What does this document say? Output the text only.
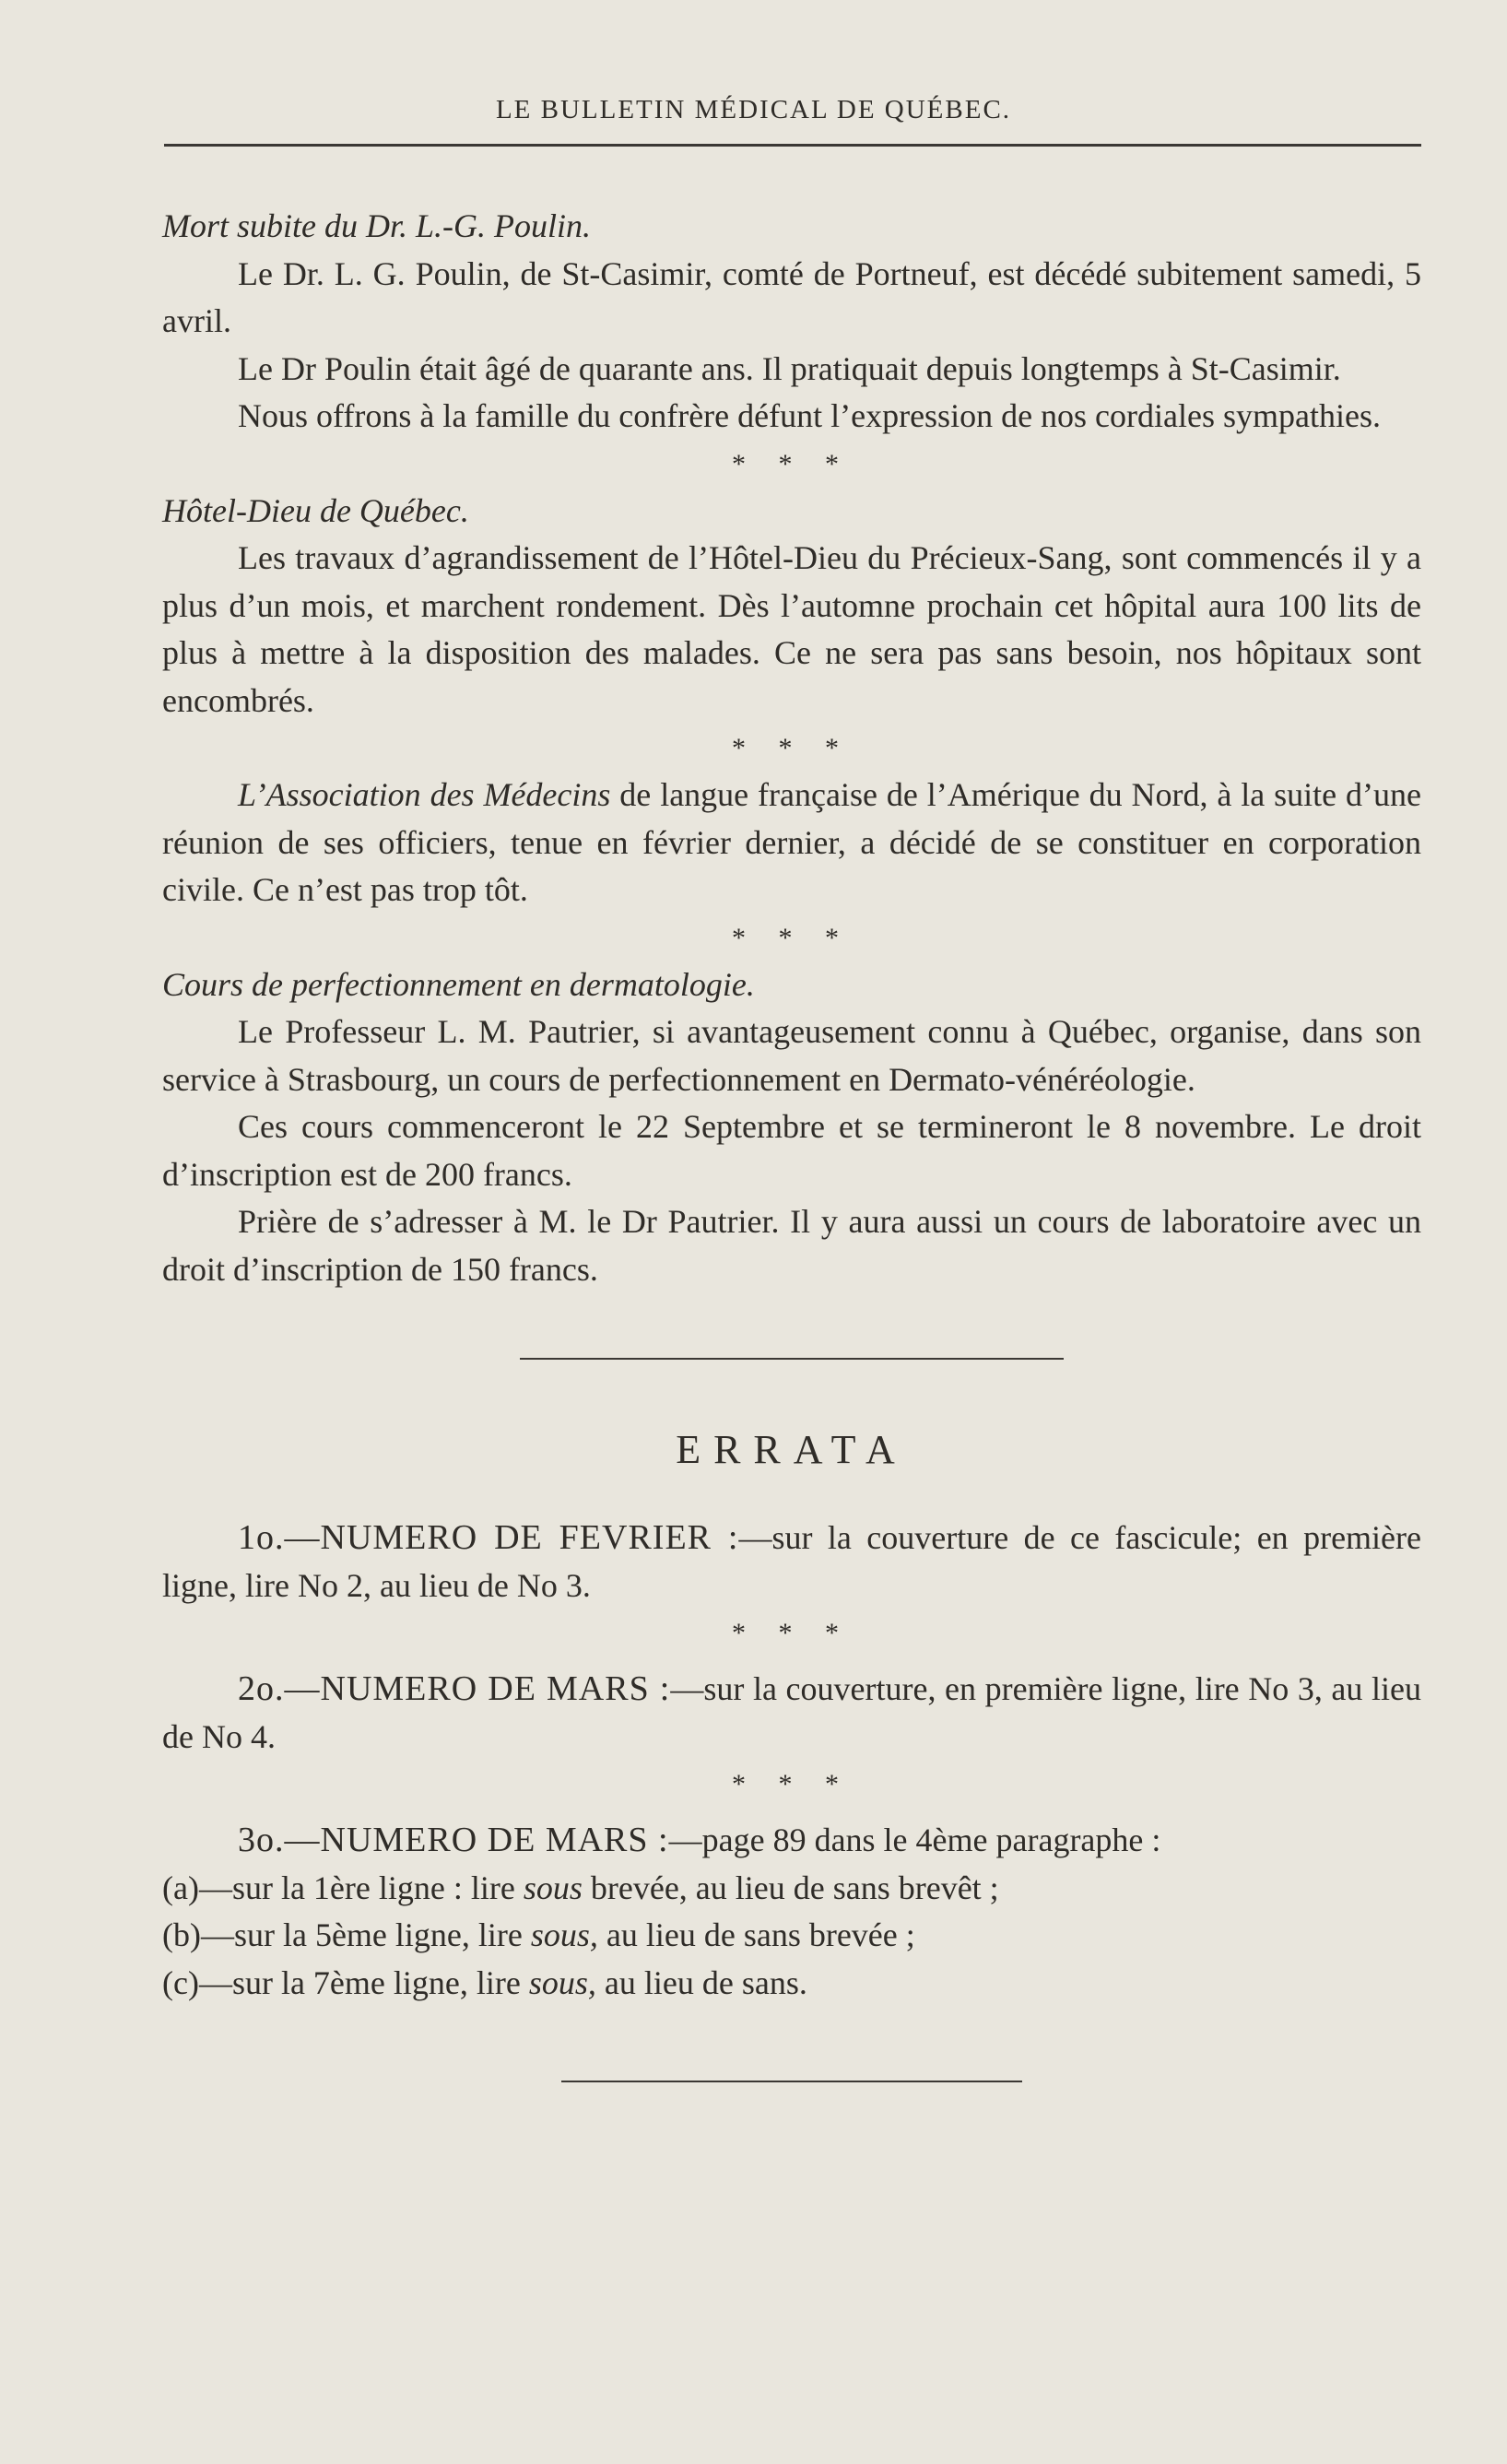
LE BULLETIN MÉDICAL DE QUÉBEC.

Mort subite du Dr. L.-G. Poulin.

Le Dr. L. G. Poulin, de St-Casimir, comté de Portneuf, est décédé subitement samedi, 5 avril.

Le Dr Poulin était âgé de quarante ans. Il pratiquait depuis longtemps à St-Casimir.

Nous offrons à la famille du confrère défunt l’expression de nos cordiales sympathies.

* * *

Hôtel-Dieu de Québec.

Les travaux d’agrandissement de l’Hôtel-Dieu du Précieux-Sang, sont commencés il y a plus d’un mois, et marchent rondement. Dès l’automne prochain cet hôpital aura 100 lits de plus à mettre à la disposition des malades. Ce ne sera pas sans besoin, nos hôpitaux sont encombrés.

* * *

L’Association des Médecins de langue française de l’Amérique du Nord, à la suite d’une réunion de ses officiers, tenue en février dernier, a décidé de se constituer en corporation civile. Ce n’est pas trop tôt.

* * *

Cours de perfectionnement en dermatologie.

Le Professeur L. M. Pautrier, si avantageusement connu à Québec, organise, dans son service à Strasbourg, un cours de perfectionnement en Dermato-vénéréologie.

Ces cours commenceront le 22 Septembre et se termineront le 8 novembre. Le droit d’inscription est de 200 francs.

Prière de s’adresser à M. le Dr Pautrier. Il y aura aussi un cours de laboratoire avec un droit d’inscription de 150 francs.

ERRATA

1o.—NUMERO DE FEVRIER :—sur la couverture de ce fascicule; en première ligne, lire No 2, au lieu de No 3.

* * *

2o.—NUMERO DE MARS :—sur la couverture, en première ligne, lire No 3, au lieu de No 4.

* * *

3o.—NUMERO DE MARS :—page 89 dans le 4ème paragraphe :

(a)—sur la 1ère ligne : lire sous brevée, au lieu de sans brevêt ;

(b)—sur la 5ème ligne, lire sous, au lieu de sans brevée ;

(c)—sur la 7ème ligne, lire sous, au lieu de sans.
